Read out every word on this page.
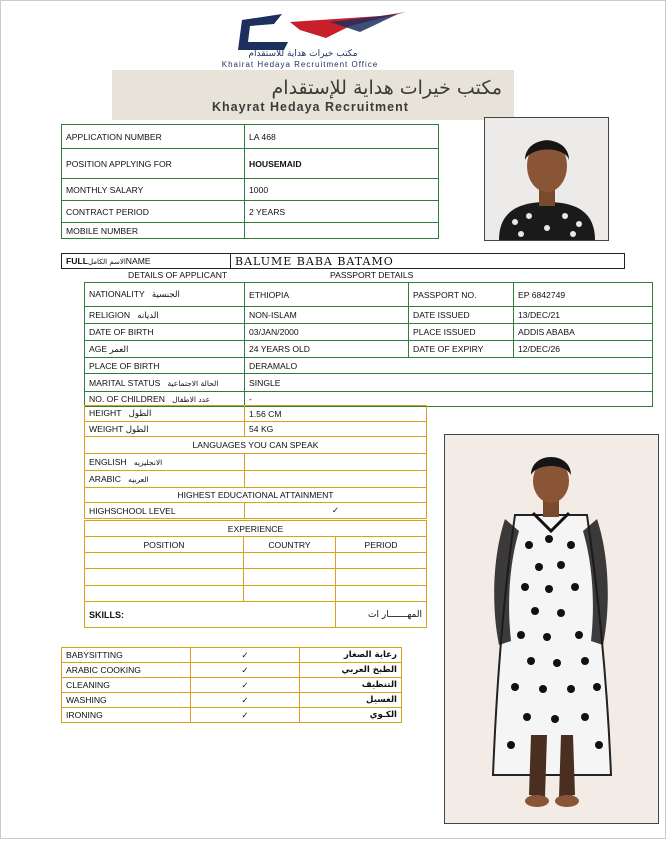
مكتب خيرات هداية للاستقدام
Khairat Hedaya Recruitment Office
مكتب خيرات هداية للإستقدام
Khayrat Hedaya Recruitment
APPLICATION NUMBER	LA 468
POSITION APPLYING FOR	HOUSEMAID
MONTHLY SALARY	1000
CONTRACT PERIOD	2 YEARS
MOBILE NUMBER	
FULLالاسم الكاملNAME	BALUME BABA BATAMO
DETAILS OF APPLICANT	PASSPORT DETAILS
NATIONALITY الجنسية	ETHIOPIA	PASSPORT NO.	EP 6842749
RELIGION الديانه	NON-ISLAM	DATE ISSUED	13/DEC/21
DATE OF BIRTH	03/JAN/2000	PLACE ISSUED	ADDIS ABABA
AGE العمر	24 YEARS OLD	DATE OF EXPIRY	12/DEC/26
PLACE OF BIRTH	DERAMALO		
MARITAL STATUS الحالة الاجتماعية	SINGLE		
NO. OF CHILDREN عدد الاطفال	-		
HEIGHT الطول	1.56 CM
WEIGHT الطول	54 KG
LANGUAGES YOU CAN SPEAK	
ENGLISH الانجليزيه	
ARABIC العربيه	
HIGHEST EDUCATIONAL ATTAINMENT	
HIGHSCHOOL LEVEL	✓
EXPERIENCE		
POSITION	COUNTRY	PERIOD

SKILLS:		المهـــــــار ات
BABYSITTING	✓	رعاية الصغار
ARABIC COOKING	✓	الطبخ العربي
CLEANING	✓	التنظيف
WASHING	✓	الغسيل
IRONING	✓	الكـوي
